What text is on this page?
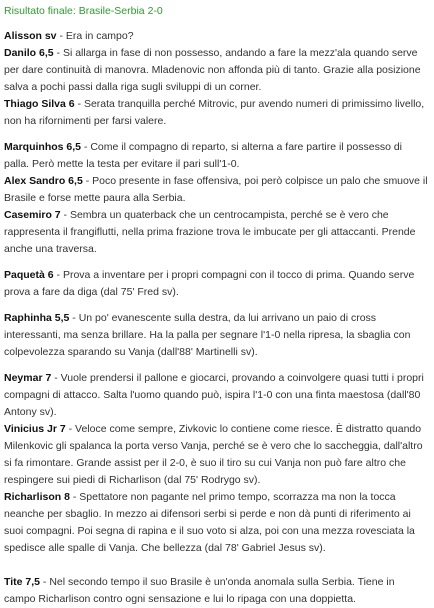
Risultato finale: Brasile-Serbia 2-0

Alisson sv - Era in campo?

Danilo 6,5 - Si allarga in fase di non possesso, andando a fare la mezz'ala quando serve per dare continuità di manovra. Mladenovic non affonda più di tanto. Grazie alla posizione salva a pochi passi dalla riga sugli sviluppi di un corner.

Thiago Silva 6 - Serata tranquilla perché Mitrovic, pur avendo numeri di primissimo livello, non ha rifornimenti per farsi valere.

Marquinhos 6,5 - Come il compagno di reparto, si alterna a fare partire il possesso di palla. Però mette la testa per evitare il pari sull'1-0.

Alex Sandro 6,5 - Poco presente in fase offensiva, poi però colpisce un palo che smuove il Brasile e forse mette paura alla Serbia.

Casemiro 7 - Sembra un quaterback che un centrocampista, perché se è vero che rappresenta il frangiflutti, nella prima frazione trova le imbucate per gli attaccanti. Prende anche una traversa.

Paquetà 6 - Prova a inventare per i propri compagni con il tocco di prima. Quando serve prova a fare da diga (dal 75' Fred sv).

Raphinha 5,5 - Un po' evanescente sulla destra, da lui arrivano un paio di cross interessanti, ma senza brillare. Ha la palla per segnare l'1-0 nella ripresa, la sbaglia con colpevolezza sparando su Vanja (dall'88' Martinelli sv).

Neymar 7 - Vuole prendersi il pallone e giocarci, provando a coinvolgere quasi tutti i propri compagni di attacco. Salta l'uomo quando può, ispira l'1-0 con una finta maestosa (dall'80 Antony sv).

Vinicius Jr 7 - Veloce come sempre, Zivkovic lo contiene come riesce. È distratto quando Milenkovic gli spalanca la porta verso Vanja, perché se è vero che lo saccheggia, dall'altro si fa rimontare. Grande assist per il 2-0, è suo il tiro su cui Vanja non può fare altro che respingere sui piedi di Richarlison (dal 75' Rodrygo sv).

Richarlison 8 - Spettatore non pagante nel primo tempo, scorrazza ma non la tocca neanche per sbaglio. In mezzo ai difensori serbi si perde e non dà punti di riferimento ai suoi compagni. Poi segna di rapina e il suo voto si alza, poi con una mezza rovesciata la spedisce alle spalle di Vanja. Che bellezza (dal 78' Gabriel Jesus sv).

Tite 7,5 - Nel secondo tempo il suo Brasile è un'onda anomala sulla Serbia. Tiene in campo Richarlison contro ogni sensazione e lui lo ripaga con una doppietta.
